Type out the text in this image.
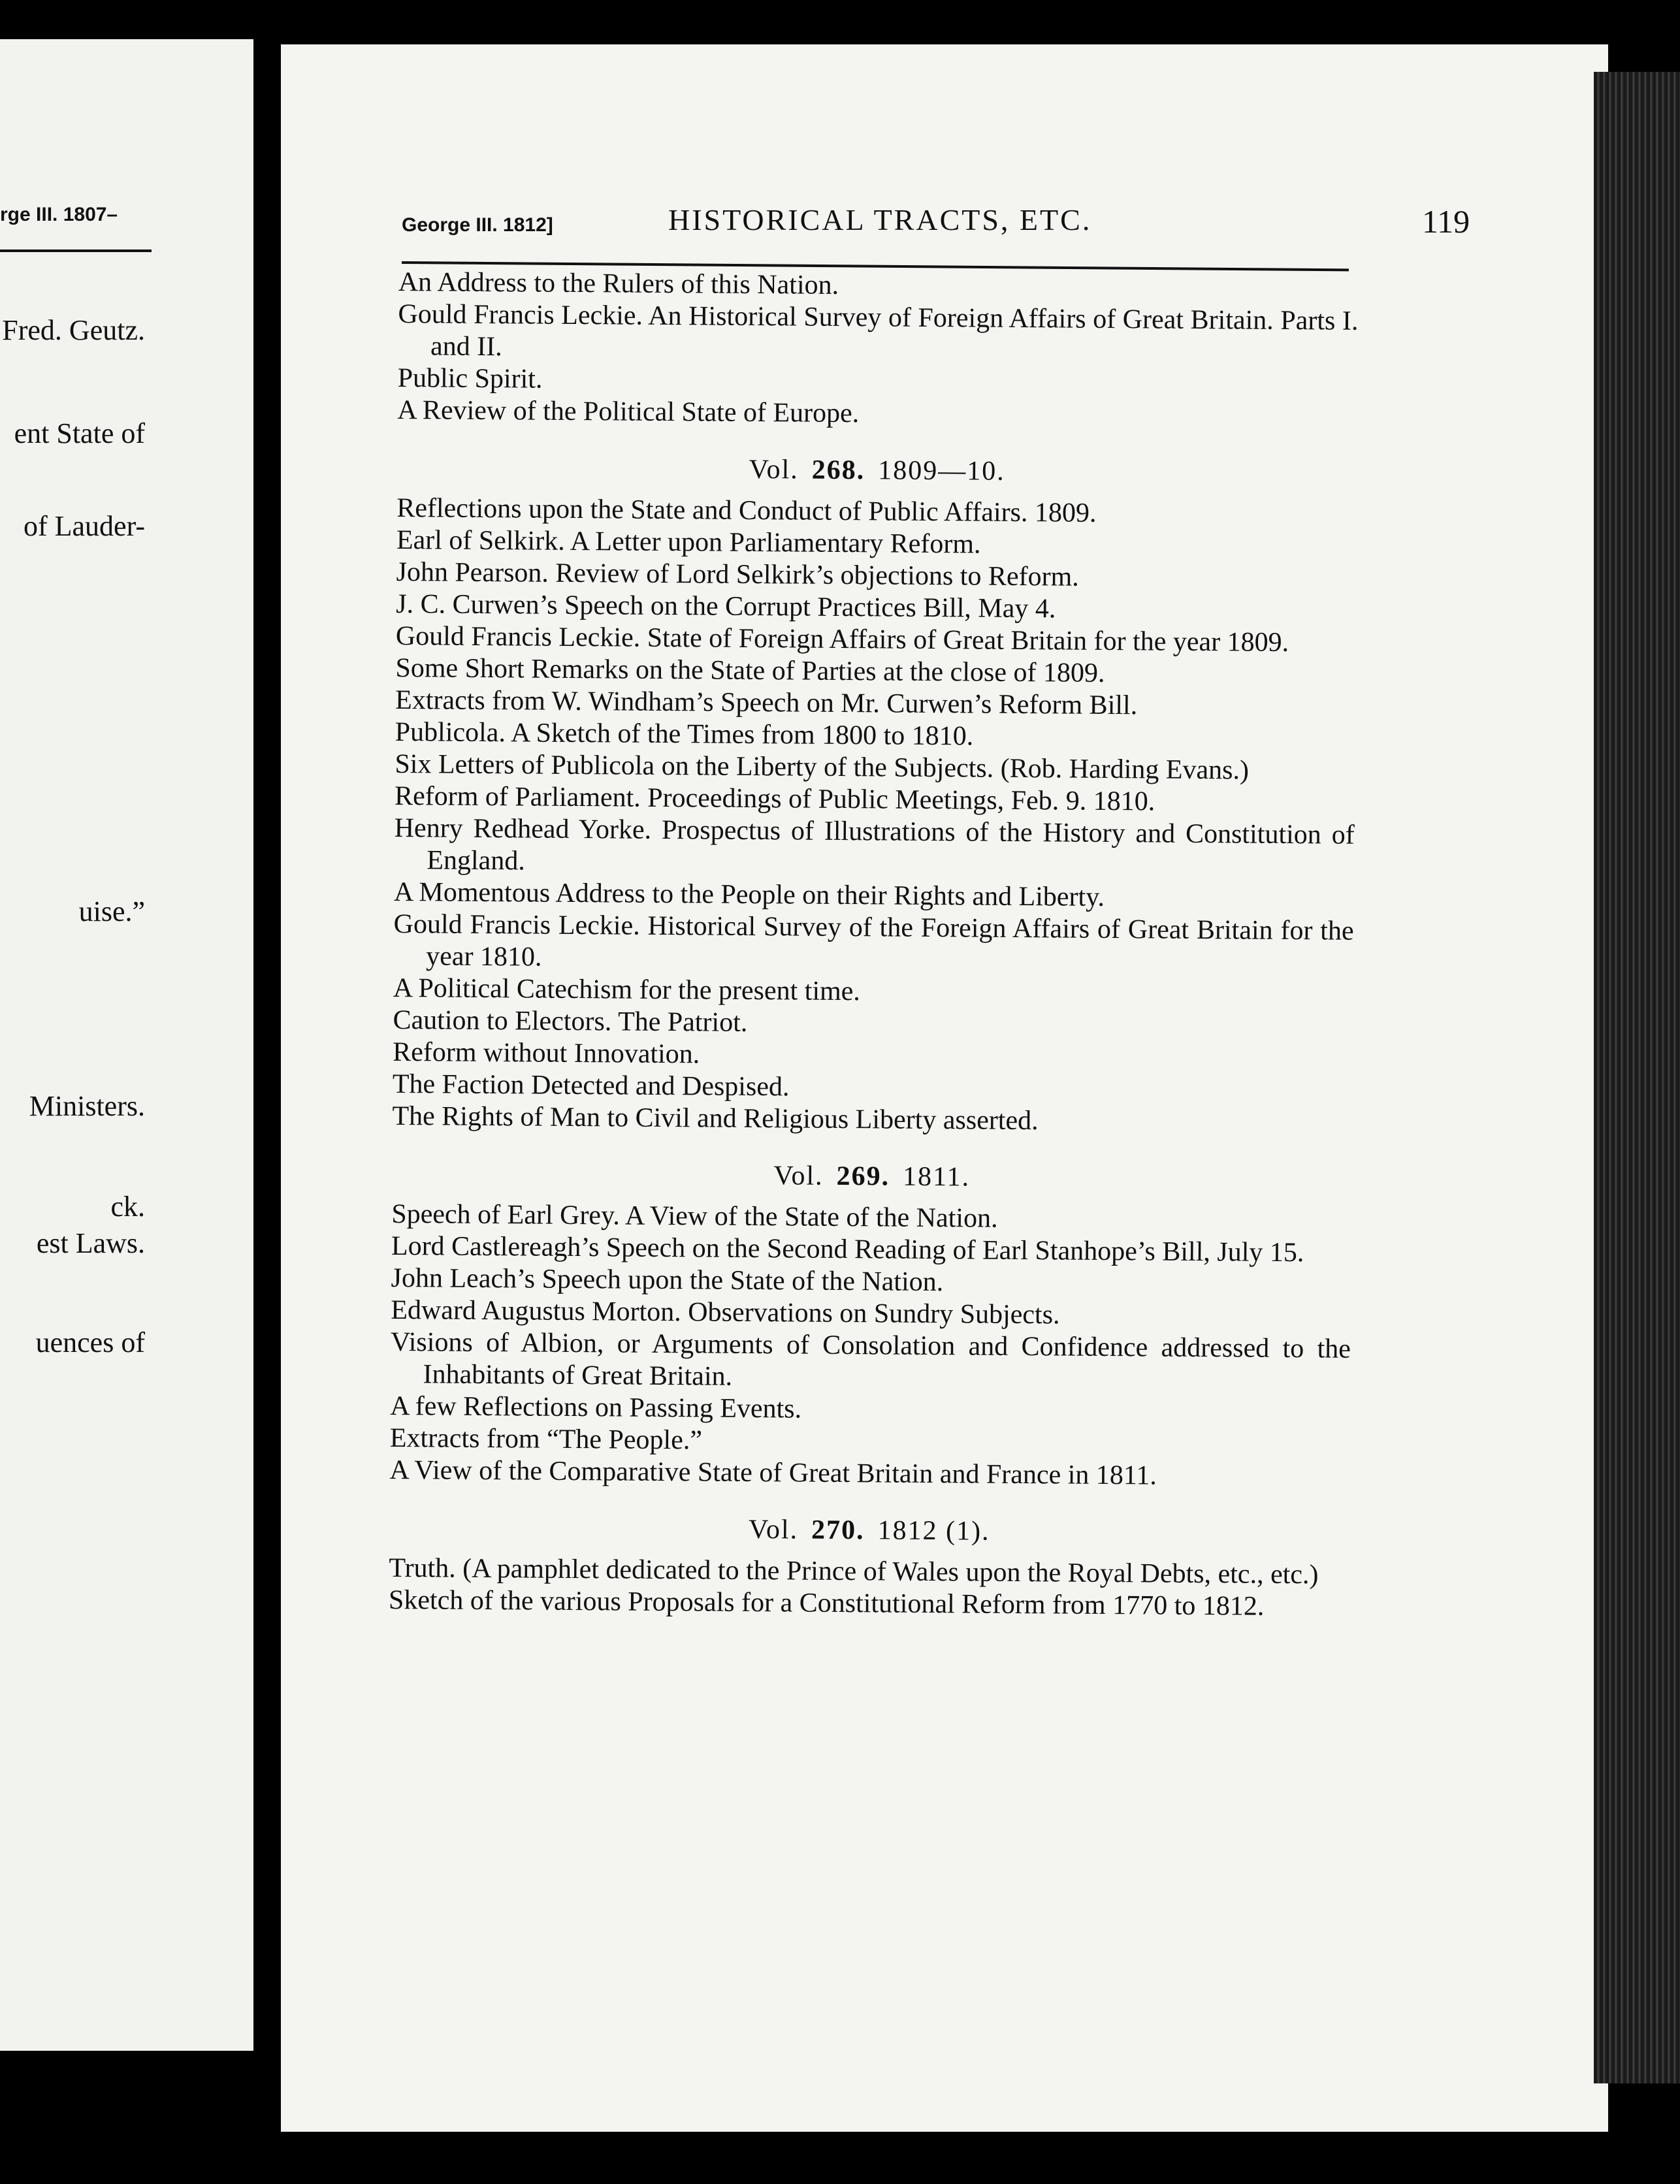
rge III. 1807–
Fred. Geutz.
ent State of
of Lauder-
uise.”
Ministers.
ck.
est Laws.
uences of
George III. 1812]	HISTORICAL TRACTS, ETC.	119

An Address to the Rulers of this Nation.

Gould Francis Leckie. An Historical Survey of Foreign Affairs of Great Britain. Parts I. and II.

Public Spirit.

A Review of the Political State of Europe.

Vol. 268. 1809—10.

Reflections upon the State and Conduct of Public Affairs. 1809.

Earl of Selkirk. A Letter upon Parliamentary Reform.

John Pearson. Review of Lord Selkirk’s objections to Reform.

J. C. Curwen’s Speech on the Corrupt Practices Bill, May 4.

Gould Francis Leckie. State of Foreign Affairs of Great Britain for the year 1809.

Some Short Remarks on the State of Parties at the close of 1809.

Extracts from W. Windham’s Speech on Mr. Curwen’s Reform Bill.

Publicola. A Sketch of the Times from 1800 to 1810.

Six Letters of Publicola on the Liberty of the Subjects. (Rob. Harding Evans.)

Reform of Parliament. Proceedings of Public Meetings, Feb. 9. 1810.

Henry Redhead Yorke. Prospectus of Illustrations of the History and Constitution of England.

A Momentous Address to the People on their Rights and Liberty.

Gould Francis Leckie. Historical Survey of the Foreign Affairs of Great Britain for the year 1810.

A Political Catechism for the present time.

Caution to Electors. The Patriot.

Reform without Innovation.

The Faction Detected and Despised.

The Rights of Man to Civil and Religious Liberty asserted.

Vol. 269. 1811.

Speech of Earl Grey. A View of the State of the Nation.

Lord Castlereagh’s Speech on the Second Reading of Earl Stanhope’s Bill, July 15.

John Leach’s Speech upon the State of the Nation.

Edward Augustus Morton. Observations on Sundry Subjects.

Visions of Albion, or Arguments of Consolation and Confidence addressed to the Inhabitants of Great Britain.

A few Reflections on Passing Events.

Extracts from “The People.”

A View of the Comparative State of Great Britain and France in 1811.

Vol. 270. 1812 (1).

Truth. (A pamphlet dedicated to the Prince of Wales upon the Royal Debts, etc., etc.)

Sketch of the various Proposals for a Constitutional Reform from 1770 to 1812.
